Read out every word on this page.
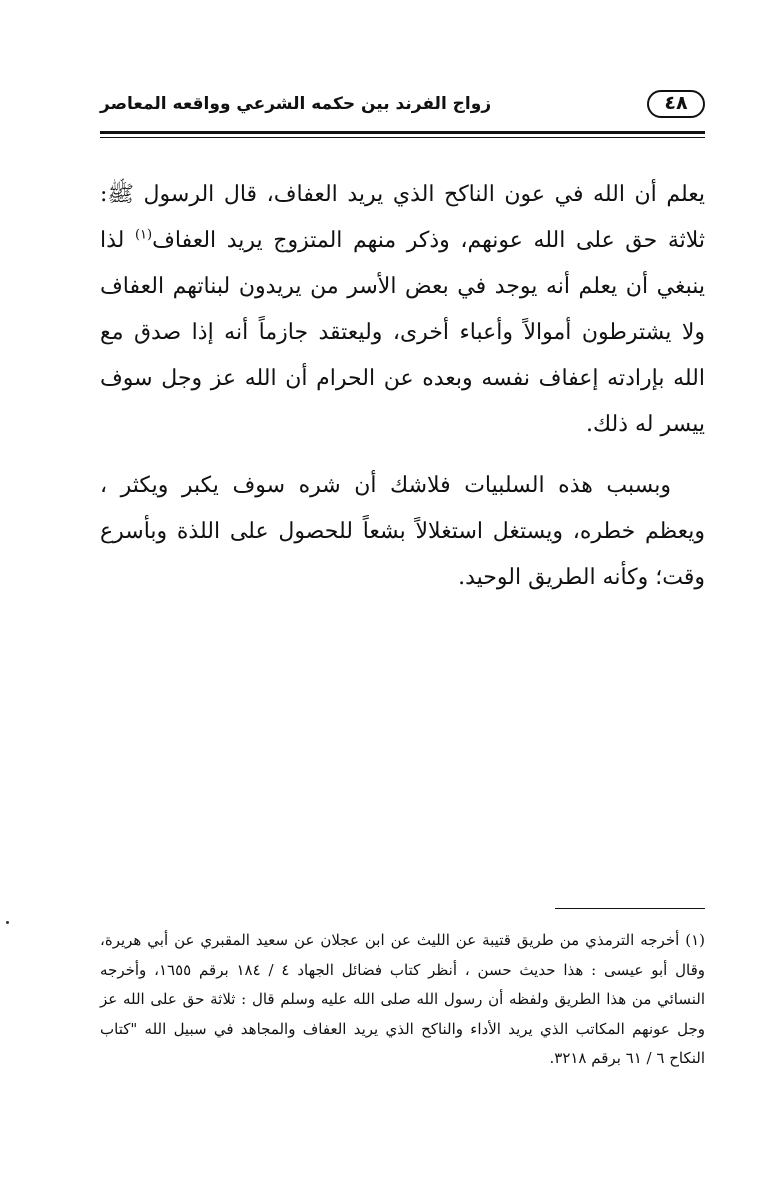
٤٨
زواج الفرند بين حكمه الشرعي وواقعه المعاصر

يعلم أن الله في عون الناكح الذي يريد العفاف، قال الرسول ﷺ: ثلاثة حق على الله عونهم، وذكر منهم المتزوج يريد العفاف$^{(١)}$ لذا ينبغي أن يعلم أنه يوجد في بعض الأسر من يريدون لبناتهم العفاف ولا يشترطون أموالاً وأعباء أخرى، وليعتقد جازماً أنه إذا صدق مع الله بإرادته إعفاف نفسه وبعده عن الحرام أن الله عز وجل سوف ييسر له ذلك.

وبسبب هذه السلبيات فلاشك أن شره سوف يكبر ويكثر ، ويعظم خطره، ويستغل استغلالاً بشعاً للحصول على اللذة وبأسرع وقت؛ وكأنه الطريق الوحيد.

(١) أخرجه الترمذي من طريق قتيبة عن الليث عن ابن عجلان عن سعيد المقبري عن أبي هريرة، وقال أبو عيسى : هذا حديث حسن ، أنظر كتاب فضائل الجهاد ٤ / ١٨٤ برقم ١٦٥٥، وأخرجه النسائي من هذا الطريق ولفظه أن رسول الله صلى الله عليه وسلم قال : ثلاثة حق على الله عز وجل عونهم المكاتب الذي يريد الأداء والناكح الذي يريد العفاف والمجاهد في سبيل الله "كتاب النكاح ٦ / ٦١ برقم ٣٢١٨.
